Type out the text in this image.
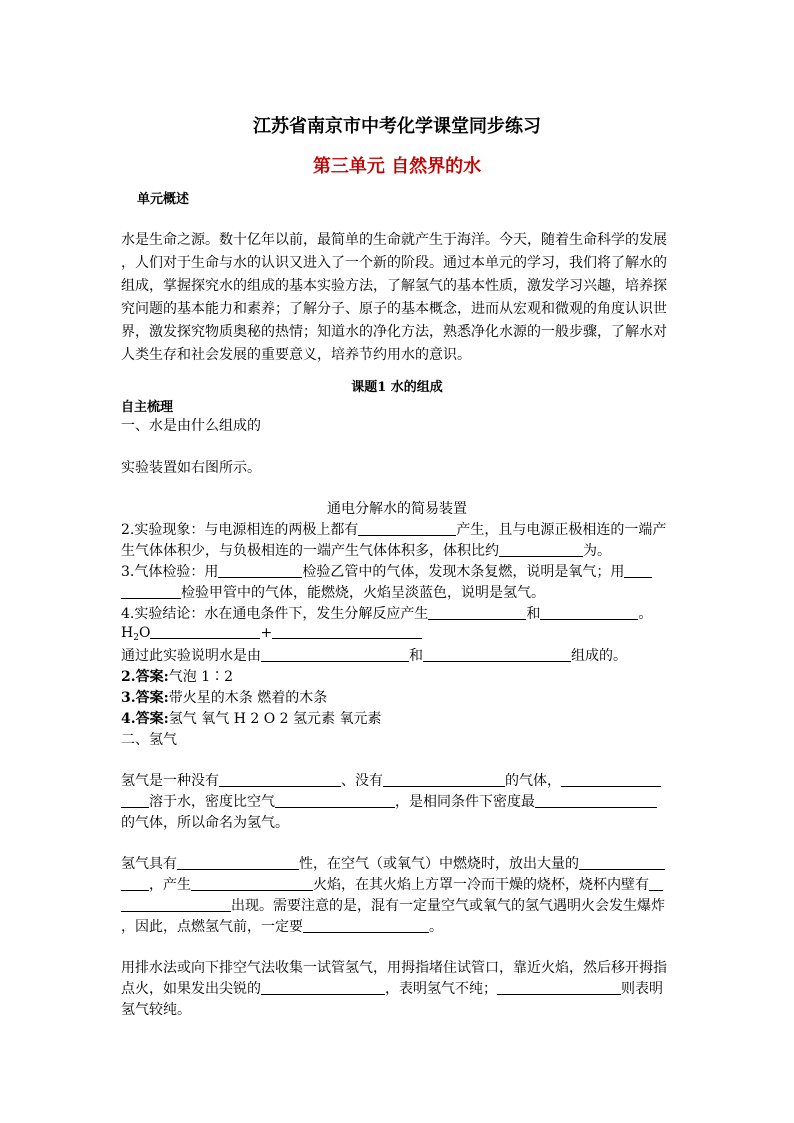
江苏省南京市中考化学课堂同步练习
第三单元 自然界的水
单元概述
水是生命之源。数十亿年以前，最简单的生命就产生于海洋。今天，随着生命科学的发展
，人们对于生命与水的认识又进入了一个新的阶段。通过本单元的学习，我们将了解水的
组成，掌握探究水的组成的基本实验方法，了解氢气的基本性质，激发学习兴趣，培养探
究问题的基本能力和素养；了解分子、原子的基本概念，进而从宏观和微观的角度认识世
界，激发探究物质奥秘的热情；知道水的净化方法，熟悉净化水源的一般步骤，了解水对
人类生存和社会发展的重要意义，培养节约用水的意识。
课题1 水的组成
自主梳理
一、水是由什么组成的
实验装置如右图所示。
通电分解水的简易装置
2.实验现象：与电源相连的两极上都有	产生，且与电源正极相连的一端产
生气体体积少，与负极相连的一端产生气体体积多，体积比约	为。
3.气体检验：用	检验乙管中的气体，发现木条复燃，说明是氧气；用
检验甲管中的气体，能燃烧，火焰呈淡蓝色，说明是氢气。
4.实验结论：水在通电条件下，发生分解反应产生	和	。
$H_2O$	+
通过此实验说明水是由	和	组成的。
2.答案:气泡 1∶2
3.答案:带火星的木条 燃着的木条
4.答案:氢气 氧气 H 2 O 2 氢元素 氧元素
二、氢气
氢气是一种没有	、没有	的气体，
溶于水，密度比空气	，是相同条件下密度最
的气体，所以命名为氢气。
氢气具有	性，在空气（或氧气）中燃烧时，放出大量的
，产生	火焰，在其火焰上方罩一冷而干燥的烧杯，烧杯内壁有
出现。需要注意的是，混有一定量空气或氧气的氢气遇明火会发生爆炸
，因此，点燃氢气前，一定要	。
用排水法或向下排空气法收集一试管氢气，用拇指堵住试管口，靠近火焰，然后移开拇指
点火，如果发出尖锐的	，表明氢气不纯；	则表明
氢气较纯。
